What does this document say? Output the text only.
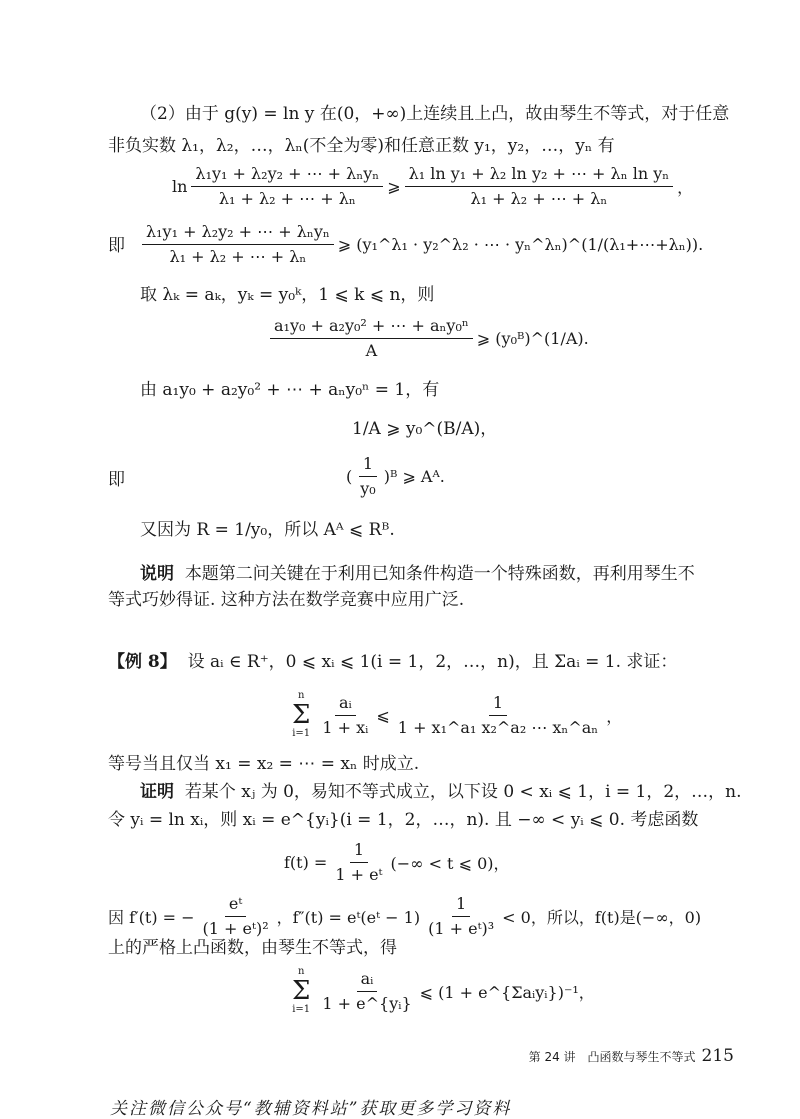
（2）由于 g(y) = ln y 在(0，+∞)上连续且上凸，故由琴生不等式，对于任意
非负实数 λ₁，λ₂，…，λₙ(不全为零)和任意正数 y₁，y₂，…，yₙ 有
$\ln \frac{\text{λ₁y₁ + λ₂y₂ + ⋯ + λₙyₙ}}{\text{λ₁ + λ₂ + ⋯ + λₙ}}$ ⩾ $\frac{\text{λ₁ ln y₁ + λ₂ ln y₂ + ⋯ + λₙ ln yₙ}}{\text{λ₁ + λ₂ + ⋯ + λₙ}}$ ，
即 $\frac{\text{λ₁y₁ + λ₂y₂ + ⋯ + λₙyₙ}}{\text{λ₁ + λ₂ + ⋯ + λₙ}}$ ⩾ (y₁^λ₁ · y₂^λ₂ · ⋯ · yₙ^λₙ)^(1/(λ₁+⋯+λₙ)).
取 λₖ = aₖ，yₖ = y₀ᵏ，1 ⩽ k ⩽ n，则
$\frac{\text{a₁y₀ + a₂y₀² + ⋯ + aₙy₀ⁿ}}{A}$ ⩾ (y₀ᴮ)^(1/A).
由 a₁y₀ + a₂y₀² + ⋯ + aₙy₀ⁿ = 1，有
1/A ⩾ y₀^(B/A)，
即	( $\frac{1}{\text{y₀}}$ )ᴮ ⩾ Aᴬ.
又因为 R = 1/y₀，所以 Aᴬ ⩽ Rᴮ.
说明 本题第二问关键在于利用已知条件构造一个特殊函数，再利用琴生不
等式巧妙得证. 这种方法在数学竞赛中应用广泛.
【例 8】 设 aᵢ ∈ R⁺，0 ⩽ xᵢ ⩽ 1(i = 1，2，…，n)，且 Σaᵢ = 1. 求证：
n
Σ
$i=1 \frac{\text{aᵢ}}{\text{1 + xᵢ}}$ ⩽ $\frac{1}{\text{1 + x₁\textasciicircum{}a₁ x₂\textasciicircum{}a₂ ⋯ xₙ\textasciicircum{}aₙ}}$ ，
等号当且仅当 x₁ = x₂ = ⋯ = xₙ 时成立.
证明 若某个 xⱼ 为 0，易知不等式成立，以下设 0 < xᵢ ⩽ 1，i = 1，2，…，n.
令 yᵢ = ln xᵢ，则 xᵢ = e^{yᵢ}(i = 1，2，…，n). 且 −∞ < yᵢ ⩽ 0. 考虑函数
$f(t) = \frac{1}{\text{1 + eᵗ}}$ (−∞ < t ⩽ 0)，
因 f′(t) = − $\frac{\text{eᵗ}}{\text{(1 + eᵗ)²}}$ ，f″(t) = eᵗ(eᵗ − $1) \frac{1}{\text{(1 + eᵗ)³}} < 0$，所以，f(t)是(−∞，0)
上的严格上凸函数，由琴生不等式，得
n
Σ
$i=1 \frac{\text{aᵢ}}{\text{1 + e\textasciicircum{}\{yᵢ\}}}$ ⩽ (1 + e^{Σaᵢyᵢ})⁻¹，
第 24 讲　凸函数与琴生不等式 215
关注微信公众号“教辅资料站”获取更多学习资料
